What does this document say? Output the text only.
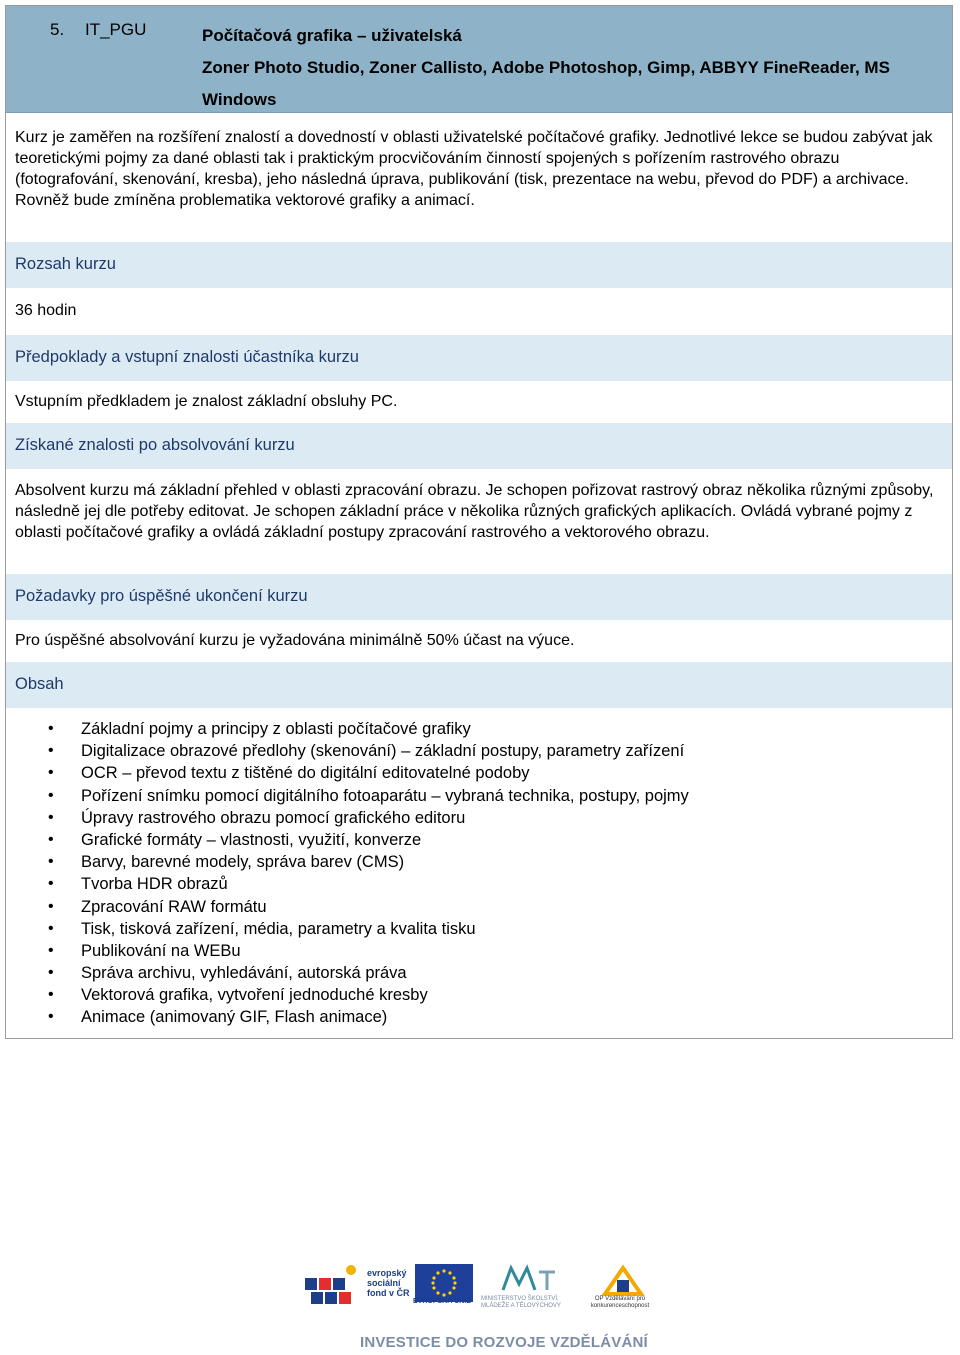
5. IT_PGU	Počítačová grafika – uživatelská
Zoner Photo Studio, Zoner Callisto, Adobe Photoshop, Gimp, ABBYY FineReader, MS
Windows
Kurz je zaměřen na rozšíření znalostí a dovedností v oblasti uživatelské počítačové grafiky. Jednotlivé lekce se budou zabývat jak teoretickými pojmy za dané oblasti tak i praktickým procvičováním činností spojených s pořízením rastrového obrazu (fotografování, skenování, kresba), jeho následná úprava, publikování (tisk, prezentace na webu, převod do PDF) a archivace. Rovněž bude zmíněna problematika vektorové grafiky a animací.
Rozsah kurzu
36 hodin
Předpoklady a vstupní znalosti účastníka kurzu
Vstupním předkladem je znalost základní obsluhy PC.
Získané znalosti po absolvování kurzu
Absolvent kurzu má základní přehled v oblasti zpracování obrazu. Je schopen pořizovat rastrový obraz několika různými způsoby, následně jej dle potřeby editovat. Je schopen základní práce v několika různých grafických aplikacích. Ovládá vybrané pojmy z oblasti počítačové grafiky a ovládá základní postupy zpracování rastrového a vektorového obrazu.
Požadavky pro úspěšné ukončení kurzu
Pro úspěšné absolvování kurzu je vyžadována minimálně 50% účast na výuce.
Obsah
• Základní pojmy a principy z oblasti počítačové grafiky
• Digitalizace obrazové předlohy (skenování) – základní postupy, parametry zařízení
• OCR – převod textu z tištěné do digitální editovatelné podoby
• Pořízení snímku pomocí digitálního fotoaparátu – vybraná technika, postupy, pojmy
• Úpravy rastrového obrazu pomocí grafického editoru
• Grafické formáty – vlastnosti, využití, konverze
• Barvy, barevné modely, správa barev (CMS)
• Tvorba HDR obrazů
• Zpracování RAW formátu
• Tisk, tisková zařízení, média, parametry a kvalita tisku
• Publikování na WEBu
• Správa archivu, vyhledávání, autorská práva
• Vektorová grafika, vytvoření jednoduché kresby
• Animace (animovaný GIF, Flash animace)
evropský sociální fond v ČR
EVROPSKÁ UNIE MINISTERSTVO ŠKOLSTVÍ, MLÁDEŽE A TĚLOVÝCHOVY
OP Vzdělávání pro konkurenceschopnost
INVESTICE DO ROZVOJE VZDĚLÁVÁNÍ
